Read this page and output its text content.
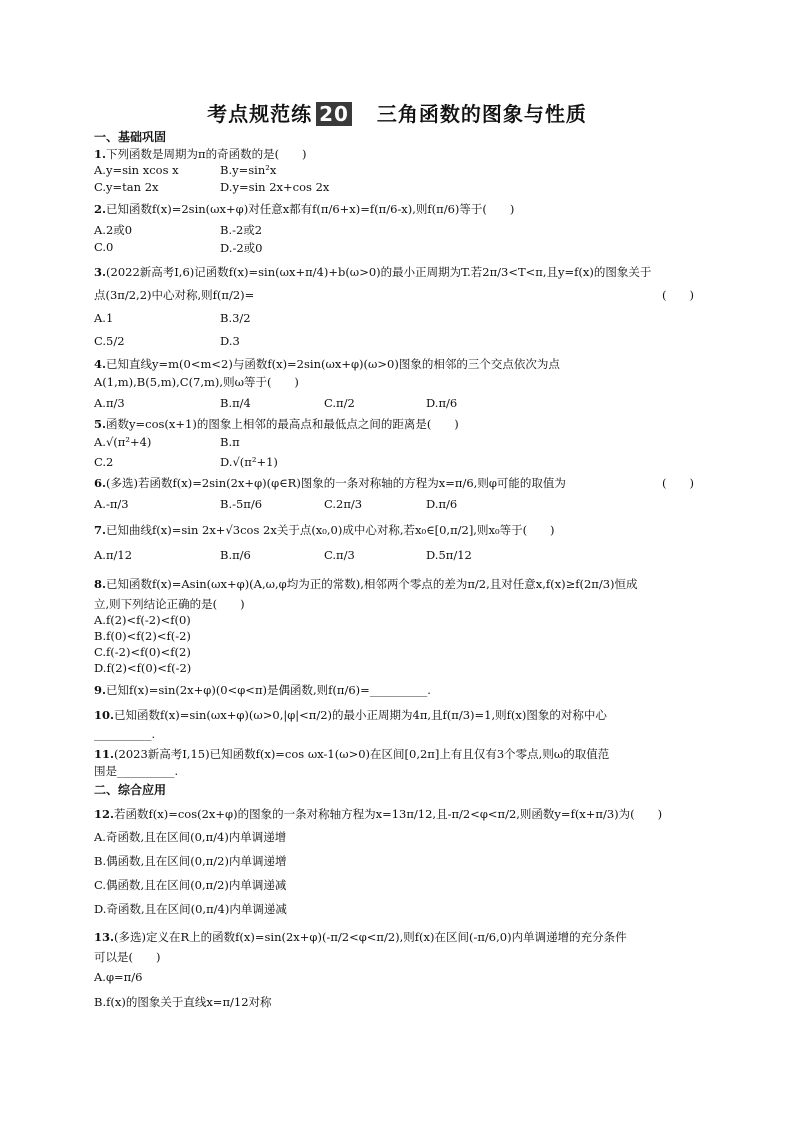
考点规范练 20　 三角函数的图象与性质
一、基础巩固
1.下列函数是周期为π的奇函数的是(　　)
A.y=sin xcos x	B.y=sin²x
C.y=tan 2x	D.y=sin 2x+cos 2x
2.已知函数f(x)=2sin(ωx+φ)对任意x都有f(π/6+x)=f(π/6-x),则f(π/6)等于(　　)
A.2或0	B.-2或2
C.0	D.-2或0
3.(2022新高考Ⅰ,6)记函数f(x)=sin(ωx+π/4)+b(ω>0)的最小正周期为T.若2π/3<T<π,且y=f(x)的图象关于
点(3π/2,2)中心对称,则f(π/2)=	(　　)
A.1	B.3/2
C.5/2	D.3
4.已知直线y=m(0<m<2)与函数f(x)=2sin(ωx+φ)(ω>0)图象的相邻的三个交点依次为点
A(1,m),B(5,m),C(7,m),则ω等于(　　)
A.π/3	B.π/4	C.π/2	D.π/6
5.函数y=cos(x+1)的图象上相邻的最高点和最低点之间的距离是(　　)
A.√(π²+4)	B.π
C.2	D.√(π²+1)
6.(多选)若函数f(x)=2sin(2x+φ)(φ∈R)图象的一条对称轴的方程为x=π/6,则φ可能的取值为	(　　)
A.-π/3	B.-5π/6	C.2π/3	D.π/6
7.已知曲线f(x)=sin 2x+√3cos 2x关于点(x₀,0)成中心对称,若x₀∈[0,π/2],则x₀等于(　　)
A.π/12	B.π/6	C.π/3	D.5π/12
8.已知函数f(x)=Asin(ωx+φ)(A,ω,φ均为正的常数),相邻两个零点的差为π/2,且对任意x,f(x)≥f(2π/3)恒成
立,则下列结论正确的是(　　)
A.f(2)<f(-2)<f(0)
B.f(0)<f(2)<f(-2)
C.f(-2)<f(0)<f(2)
D.f(2)<f(0)<f(-2)
9.已知f(x)=sin(2x+φ)(0<φ<π)是偶函数,则f(π/6)=__________.
10.已知函数f(x)=sin(ωx+φ)(ω>0,|φ|<π/2)的最小正周期为4π,且f(π/3)=1,则f(x)图象的对称中心
__________.
11.(2023新高考Ⅰ,15)已知函数f(x)=cos ωx-1(ω>0)在区间[0,2π]上有且仅有3个零点,则ω的取值范
围是__________.
二、综合应用
12.若函数f(x)=cos(2x+φ)的图象的一条对称轴方程为x=13π/12,且-π/2<φ<π/2,则函数y=f(x+π/3)为(　　)
A.奇函数,且在区间(0,π/4)内单调递增
B.偶函数,且在区间(0,π/2)内单调递增
C.偶函数,且在区间(0,π/2)内单调递减
D.奇函数,且在区间(0,π/4)内单调递减
13.(多选)定义在R上的函数f(x)=sin(2x+φ)(-π/2<φ<π/2),则f(x)在区间(-π/6,0)内单调递增的充分条件
可以是(　　)
A.φ=π/6
B.f(x)的图象关于直线x=π/12对称
